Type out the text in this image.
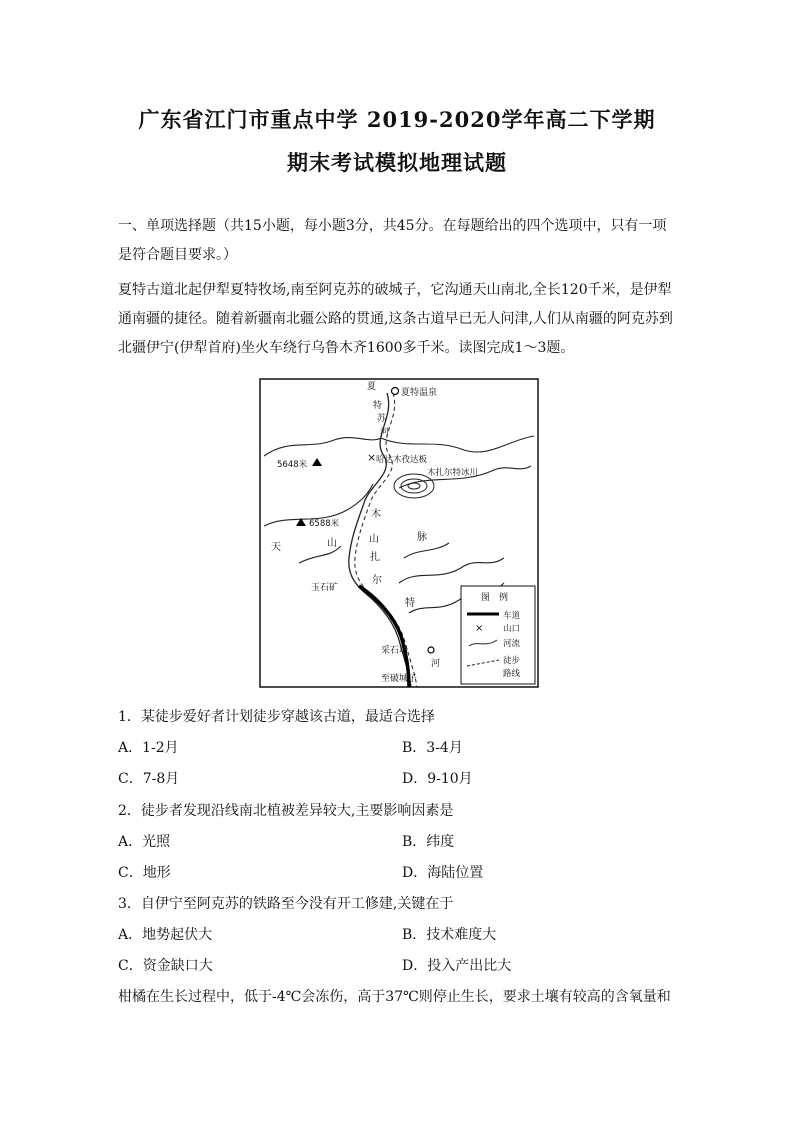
广东省江门市重点中学 2019-2020学年高二下学期
期末考试模拟地理试题

一、单项选择题（共15小题，每小题3分，共45分。在每题给出的四个选项中，只有一项是符合题目要求。）

夏特古道北起伊犁夏特牧场,南至阿克苏的破城子，它沟通天山南北,全长120千米，是伊犁通南疆的捷径。随着新疆南北疆公路的贯通,这条古道早已无人问津,人们从南疆的阿克苏到北疆伊宁(伊犁首府)坐火车绕行乌鲁木齐1600多千米。读图完成1～3题。

×
夏特温泉
夏
特
苏
河
哈达木孜达板
5648米
木扎尔特冰川
木
6588米
天	山	山	脉
扎
尔
特
河
玉石矿
采石场
至破城子
图　例
车道
× 山口
河流
徒步
路线
1．某徒步爱好者计划徒步穿越该古道，最适合选择
A．1-2月	B．3-4月
C．7-8月	D．9-10月
2．徒步者发现沿线南北植被差异较大,主要影响因素是
A．光照	B．纬度
C．地形	D．海陆位置
3．自伊宁至阿克苏的铁路至今没有开工修建,关键在于
A．地势起伏大	B．技术难度大
C．资金缺口大	D．投入产出比大

柑橘在生长过程中，低于-4℃会冻伤，高于37℃则停止生长，要求土壤有较高的含氧量和
